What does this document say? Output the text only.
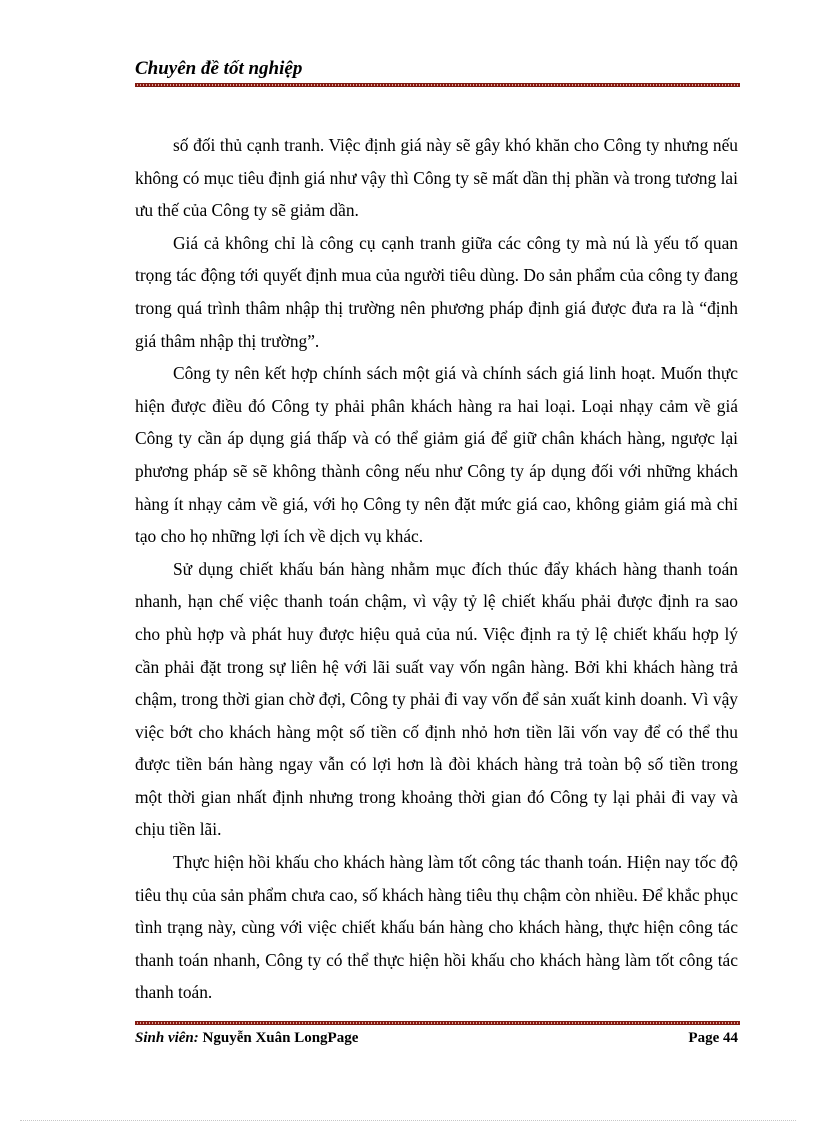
Chuyên đề tốt nghiệp

số đối thủ cạnh tranh. Việc định giá này sẽ gây khó khăn cho Công ty nhưng nếu không có mục tiêu định giá như vậy thì Công ty sẽ mất dần thị phần và trong tương lai ưu thế của Công ty sẽ giảm dần.

Giá cả không chỉ là công cụ cạnh tranh giữa các công ty mà nú là yếu tố quan trọng tác động tới quyết định mua của người tiêu dùng. Do sản phẩm của công ty đang trong quá trình thâm nhập thị trường nên phương pháp định giá được đưa ra là “định giá thâm nhập thị trường”.

Công ty nên kết hợp chính sách một giá và chính sách giá linh hoạt. Muốn thực hiện được điều đó Công ty phải phân khách hàng ra hai loại. Loại nhạy cảm về giá Công ty cần áp dụng giá thấp và có thể giảm giá để giữ chân khách hàng, ngược lại phương pháp sẽ sẽ không thành công nếu như Công ty áp dụng đối với những khách hàng ít nhạy cảm về giá, với họ Công ty nên đặt mức giá cao, không giảm giá mà chỉ tạo cho họ những lợi ích về dịch vụ khác.

Sử dụng chiết khấu bán hàng nhằm mục đích thúc đẩy khách hàng thanh toán nhanh, hạn chế việc thanh toán chậm, vì vậy tỷ lệ chiết khấu phải được định ra sao cho phù hợp và phát huy được hiệu quả của nú. Việc định ra tỷ lệ chiết khấu hợp lý cần phải đặt trong sự liên hệ với lãi suất vay vốn ngân hàng. Bởi khi khách hàng trả chậm, trong thời gian chờ đợi, Công ty phải đi vay vốn để sản xuất kinh doanh. Vì vậy việc bớt cho khách hàng một số tiền cố định nhỏ hơn tiền lãi vốn vay để có thể thu được tiền bán hàng ngay vẫn có lợi hơn là đòi khách hàng trả toàn bộ số tiền trong một thời gian nhất định nhưng trong khoảng thời gian đó Công ty lại phải đi vay và chịu tiền lãi.

Thực hiện hồi khấu cho khách hàng làm tốt công tác thanh toán. Hiện nay tốc độ tiêu thụ của sản phẩm chưa cao, số khách hàng tiêu thụ chậm còn nhiều. Để khắc phục tình trạng này, cùng với việc chiết khấu bán hàng cho khách hàng, thực hiện công tác thanh toán nhanh, Công ty có thể thực hiện hồi khấu cho khách hàng làm tốt công tác thanh toán.

Sinh viên: Nguyễn Xuân LongPage	Page 44
